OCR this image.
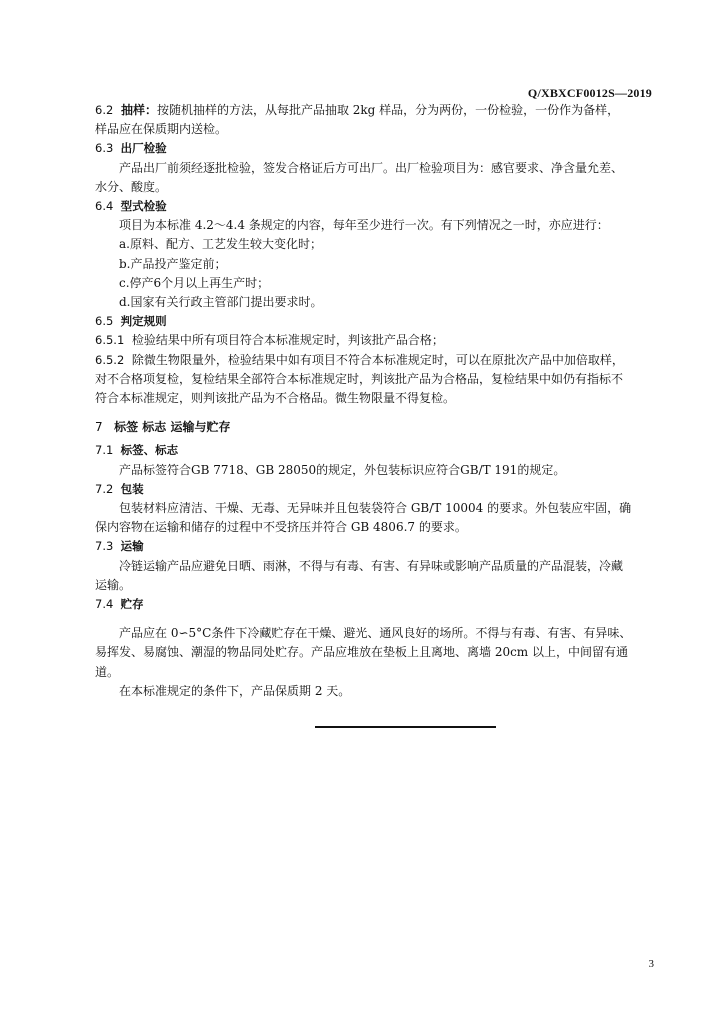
Q/XBXCF0012S—2019
6.2 抽样：按随机抽样的方法，从每批产品抽取 2kg 样品，分为两份，一份检验，一份作为备样，
样品应在保质期内送检。
6.3 出厂检验
产品出厂前须经逐批检验，签发合格证后方可出厂。出厂检验项目为：感官要求、净含量允差、
水分、酸度。
6.4 型式检验
项目为本标准 4.2～4.4 条规定的内容，每年至少进行一次。有下列情况之一时，亦应进行：
a.原料、配方、工艺发生较大变化时；
b.产品投产鉴定前；
c.停产6个月以上再生产时；
d.国家有关行政主管部门提出要求时。
6.5 判定规则
6.5.1 检验结果中所有项目符合本标准规定时，判该批产品合格；
6.5.2 除微生物限量外，检验结果中如有项目不符合本标准规定时，可以在原批次产品中加倍取样，
对不合格项复检，复检结果全部符合本标准规定时，判该批产品为合格品，复检结果中如仍有指标不
符合本标准规定，则判该批产品为不合格品。微生物限量不得复检。
7 标签 标志 运输与贮存
7.1 标签、标志
产品标签符合GB 7718、GB 28050的规定，外包装标识应符合GB/T 191的规定。
7.2 包装
包装材料应清洁、干燥、无毒、无异味并且包装袋符合 GB/T 10004 的要求。外包装应牢固，确
保内容物在运输和储存的过程中不受挤压并符合 GB 4806.7 的要求。
7.3 运输
冷链运输产品应避免日晒、雨淋，不得与有毒、有害、有异味或影响产品质量的产品混装，冷藏
运输。
7.4 贮存
产品应在 0∽5°C条件下冷藏贮存在干燥、避光、通风良好的场所。不得与有毒、有害、有异味、
易挥发、易腐蚀、潮湿的物品同处贮存。产品应堆放在垫板上且离地、离墙 20cm 以上，中间留有通
道。
在本标准规定的条件下，产品保质期 2 天。
3
